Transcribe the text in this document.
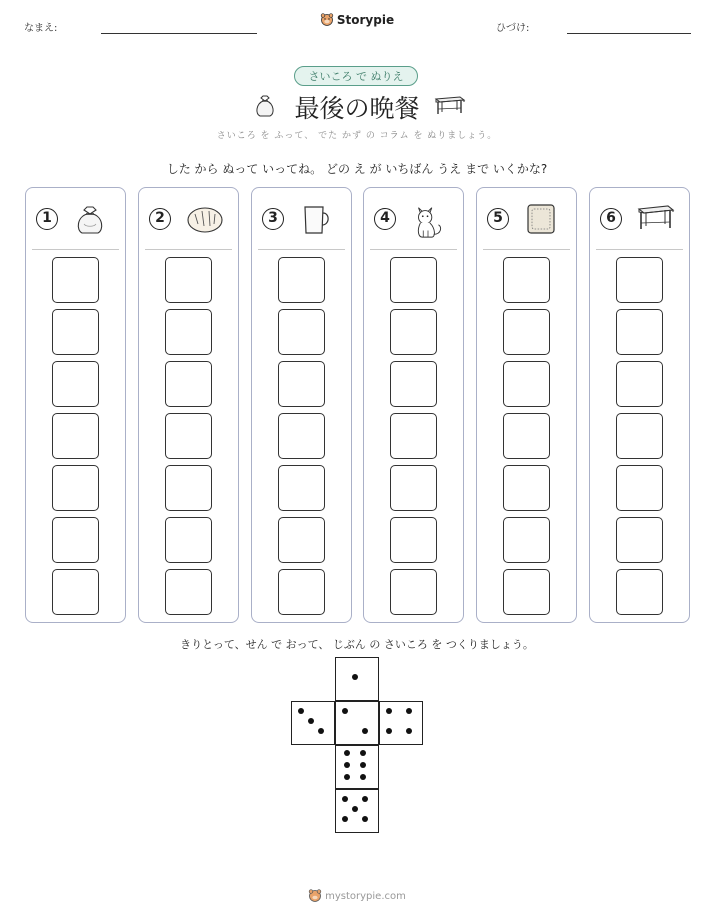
なまえ:
Storypie
ひづけ:
さいころ で ぬりえ
最後の晩餐
さいころ を ふって、 でた かず の コラム を ぬりましょう。
した から ぬって いってね。 どの え が いちばん うえ まで いくかな?
1	2	3	4	5	6
きりとって、せん で おって、 じぶん の さいころ を つくりましょう。
mystorypie.com
